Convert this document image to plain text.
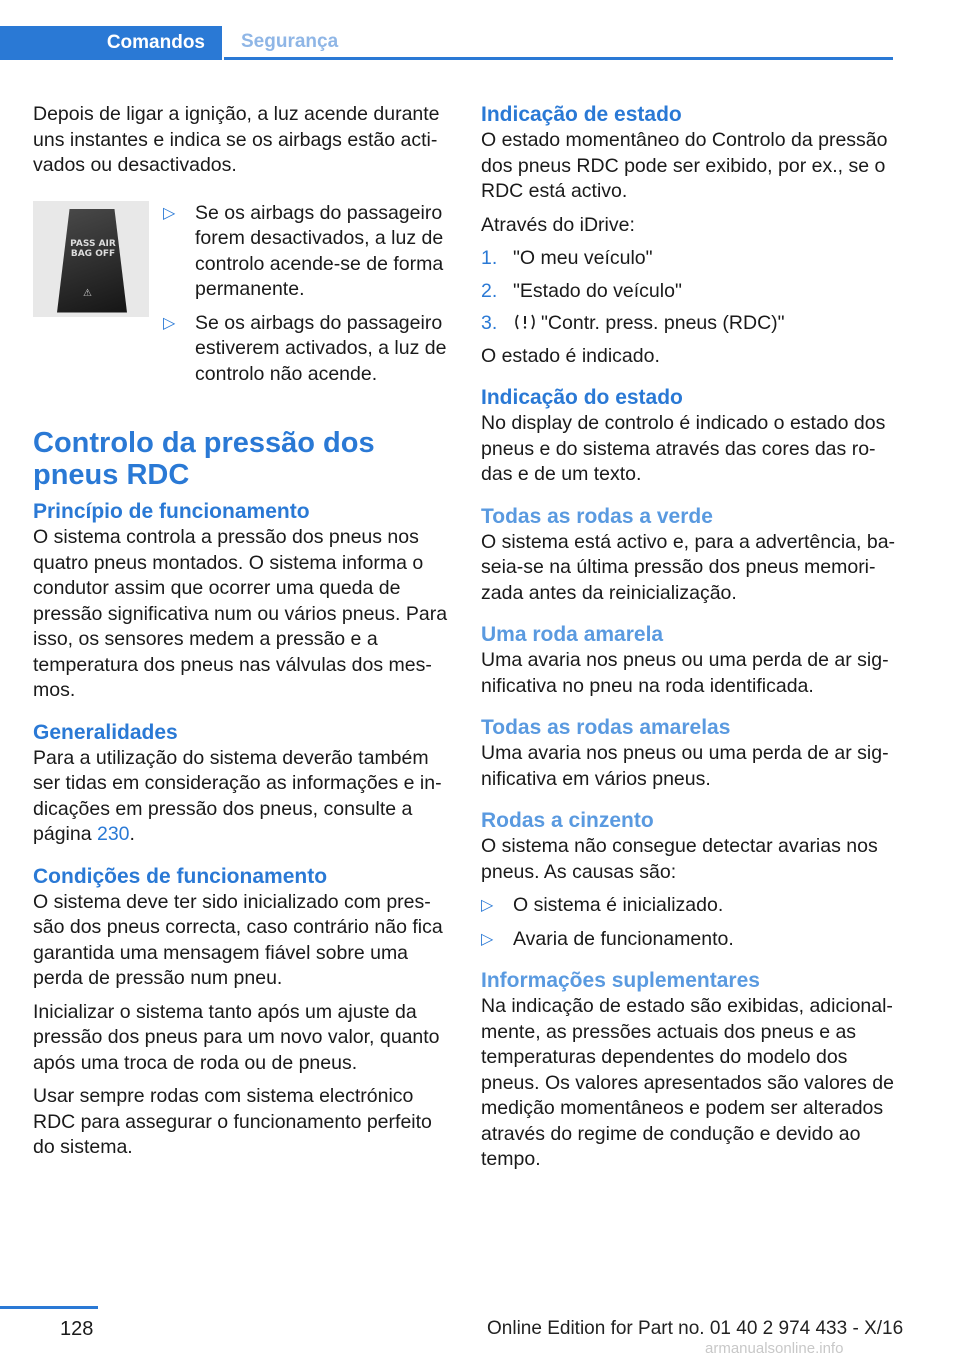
Comandos	Segurança

Depois de ligar a ignição, a luz acende durante uns instantes e indica se os airbags estão acti‐vados ou desactivados.

PASS AIR BAG OFF
⚠
▷	Se os airbags do passageiro forem desactivados, a luz de controlo acende-se de forma permanente.
▷	Se os airbags do passageiro estiverem activados, a luz de controlo não acende.
Controlo da pressão dos pneus RDC
Princípio de funcionamento

O sistema controla a pressão dos pneus nos quatro pneus montados. O sistema informa o condutor assim que ocorrer uma queda de pressão significativa num ou vários pneus. Para isso, os sensores medem a pressão e a temperatura dos pneus nas válvulas dos mes‐mos.

Generalidades

Para a utilização do sistema deverão também ser tidas em consideração as informações e in‐dicações em pressão dos pneus, consulte a página 230.

Condições de funcionamento

O sistema deve ter sido inicializado com pres‐são dos pneus correcta, caso contrário não fica garantida uma mensagem fiável sobre uma perda de pressão num pneu.

Inicializar o sistema tanto após um ajuste da pressão dos pneus para um novo valor, quanto após uma troca de roda ou de pneus.

Usar sempre rodas com sistema electrónico RDC para assegurar o funcionamento perfeito do sistema.

Indicação de estado

O estado momentâneo do Controlo da pressão dos pneus RDC pode ser exibido, por ex., se o RDC está activo.

Através do iDrive:

1. "O meu veículo"
2. "Estado do veículo"
3.	"Contr. press. pneus (RDC)"

O estado é indicado.

Indicação do estado

No display de controlo é indicado o estado dos pneus e do sistema através das cores das ro‐das e de um texto.

Todas as rodas a verde

O sistema está activo e, para a advertência, ba‐seia-se na última pressão dos pneus memori‐zada antes da reinicialização.

Uma roda amarela

Uma avaria nos pneus ou uma perda de ar sig‐nificativa no pneu na roda identificada.

Todas as rodas amarelas

Uma avaria nos pneus ou uma perda de ar sig‐nificativa em vários pneus.

Rodas a cinzento

O sistema não consegue detectar avarias nos pneus. As causas são:

▷	O sistema é inicializado.
▷	Avaria de funcionamento.
Informações suplementares

Na indicação de estado são exibidas, adicional‐mente, as pressões actuais dos pneus e as temperaturas dependentes do modelo dos pneus. Os valores apresentados são valores de medição momentâneos e podem ser alterados através do regime de condução e devido ao tempo.

128	Online Edition for Part no. 01 40 2 974 433 - X/16
armanualsonline.info
